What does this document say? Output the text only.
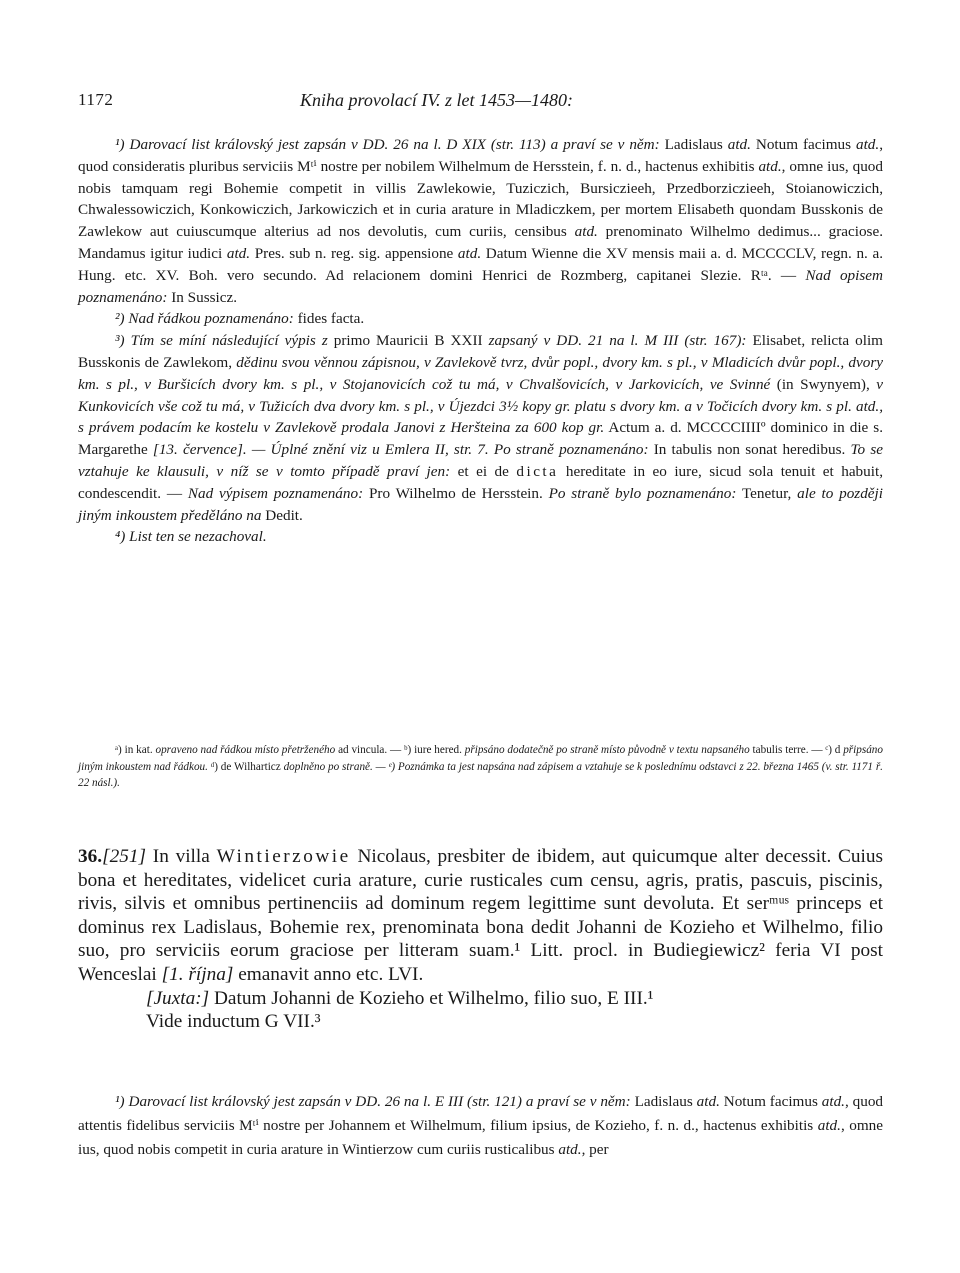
1172	Kniha provolací IV. z let 1453—1480:

¹) Darovací list královský jest zapsán v DD. 26 na l. D XIX (str. 113) a praví se v něm: Ladislaus atd. Notum facimus atd., quod consideratis pluribus serviciis Mᵗⁱ nostre per nobilem Wilhelmum de Hersstein, f. n. d., hactenus exhibitis atd., omne ius, quod nobis tamquam regi Bohemie competit in villis Zawlekowie, Tuziczich, Bursiczieeh, Przedborziczieeh, Stoianowiczich, Chwalessowiczich, Konkowiczich, Jarkowiczich et in curia arature in Mladiczkem, per mortem Elisabeth quondam Busskonis de Zawlekow aut cuiuscumque alterius ad nos devolutis, cum curiis, censibus atd. prenominato Wilhelmo dedimus... graciose. Mandamus igitur iudici atd. Pres. sub n. reg. sig. appensione atd. Datum Wienne die XV mensis maii a. d. MCCCCLV, regn. n. a. Hung. etc. XV. Boh. vero secundo. Ad relacionem domini Henrici de Rozmberg, capitanei Slezie. Rᵗᵃ. — Nad opisem poznamenáno: In Sussicz.

²) Nad řádkou poznamenáno: fides facta.

³) Tím se míní následující výpis z primo Mauricii B XXII zapsaný v DD. 21 na l. M III (str. 167): Elisabet, relicta olim Busskonis de Zawlekom, dědinu svou věnnou zápisnou, v Zavlekově tvrz, dvůr popl., dvory km. s pl., v Mladicích dvůr popl., dvory km. s pl., v Buršicích dvory km. s pl., v Stojanovicích což tu má, v Chvalšovicích, v Jarkovicích, ve Svinné (in Swynyem), v Kunkovicích vše což tu má, v Tužicích dva dvory km. s pl., v Újezdci 3½ kopy gr. platu s dvory km. a v Točicích dvory km. s pl. atd., s právem podacím ke kostelu v Zavlekově prodala Janovi z Heršteina za 600 kop gr. Actum a. d. MCCCCIIIIº dominico in die s. Margarethe [13. července]. — Úplné znění viz u Emlera II, str. 7. Po straně poznamenáno: In tabulis non sonat heredibus. To se vztahuje ke klausuli, v níž se v tomto případě praví jen: et ei de dicta hereditate in eo iure, sicud sola tenuit et habuit, condescendit. — Nad výpisem poznamenáno: Pro Wilhelmo de Hersstein. Po straně bylo poznamenáno: Tenetur, ale to později jiným inkoustem předěláno na Dedit.

⁴) List ten se nezachoval.

ᵃ) in kat. opraveno nad řádkou místo přetrženého ad vincula. — ᵇ) iure hered. připsáno dodatečně po straně místo původně v textu napsaného tabulis terre. — ᶜ) d připsáno jiným inkoustem nad řádkou. ᵈ) de Wilharticz doplněno po straně. — ᵉ) Poznámka ta jest napsána nad zápisem a vztahuje se k poslednímu odstavci z 22. března 1465 (v. str. 1171 ř. 22 násl.).

36.[251] In villa Wintierzowie Nicolaus, presbiter de ibidem, aut quicumque alter decessit. Cuius bona et hereditates, videlicet curia arature, curie rusticales cum censu, agris, pratis, pascuis, piscinis, rivis, silvis et omnibus pertinenciis ad dominum regem legittime sunt devoluta. Et serᵐᵘˢ princeps et dominus rex Ladislaus, Bohemie rex, prenominata bona dedit Johanni de Kozieho et Wilhelmo, filio suo, pro serviciis eorum graciose per litteram suam.¹ Litt. procl. in Budiegiewicz² feria VI post Wenceslai [1. října] emanavit anno etc. LVI.

[Juxta:] Datum Johanni de Kozieho et Wilhelmo, filio suo, E III.¹

Vide inductum G VII.³

¹) Darovací list královský jest zapsán v DD. 26 na l. E III (str. 121) a praví se v něm: Ladislaus atd. Notum facimus atd., quod attentis fidelibus serviciis Mᵗⁱ nostre per Johannem et Wilhelmum, filium ipsius, de Kozieho, f. n. d., hactenus exhibitis atd., omne ius, quod nobis competit in curia arature in Wintierzow cum curiis rusticalibus atd., per
